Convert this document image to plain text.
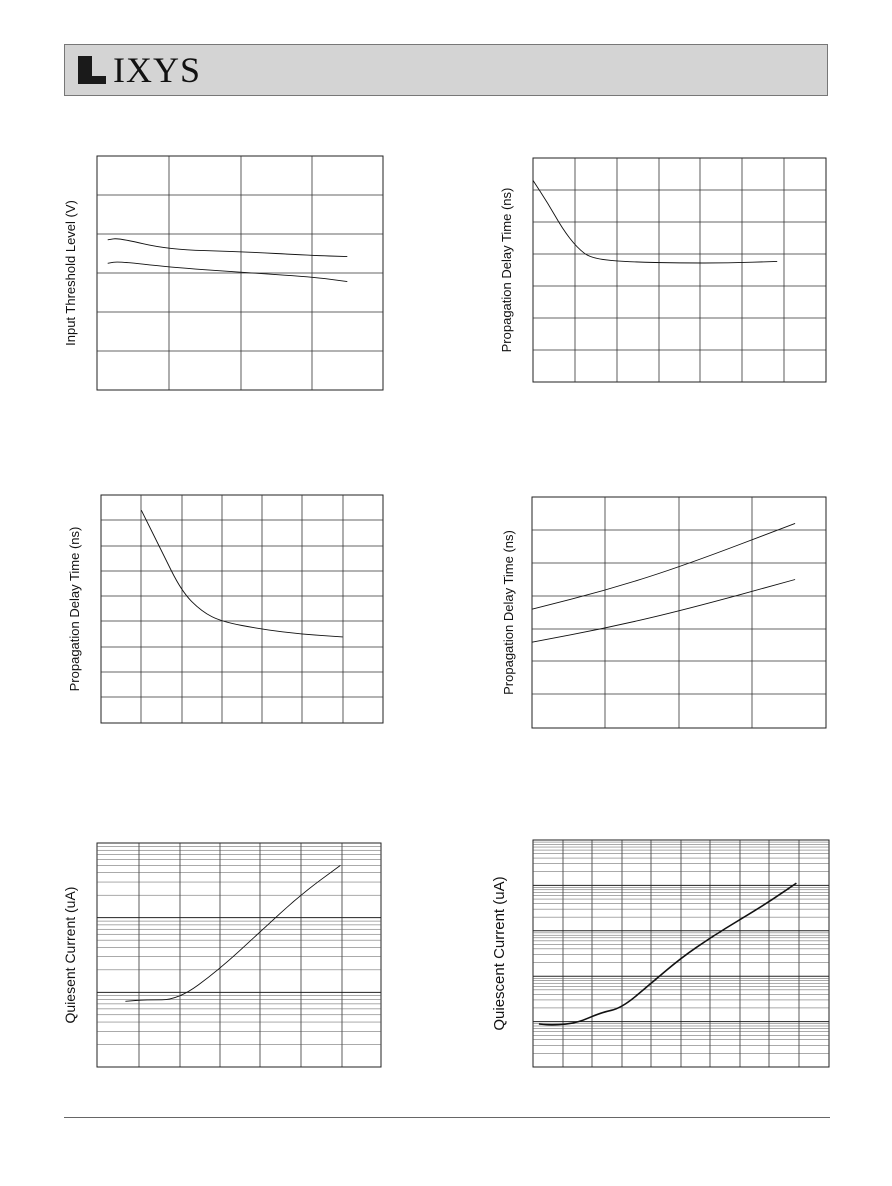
IXYS
Input Threshold Level (V)	Propagation Delay Time (ns)
Propagation Delay Time (ns)	Propagation Delay Time (ns)
Quiesent Current (uA)	Quiescent Current (uA)
